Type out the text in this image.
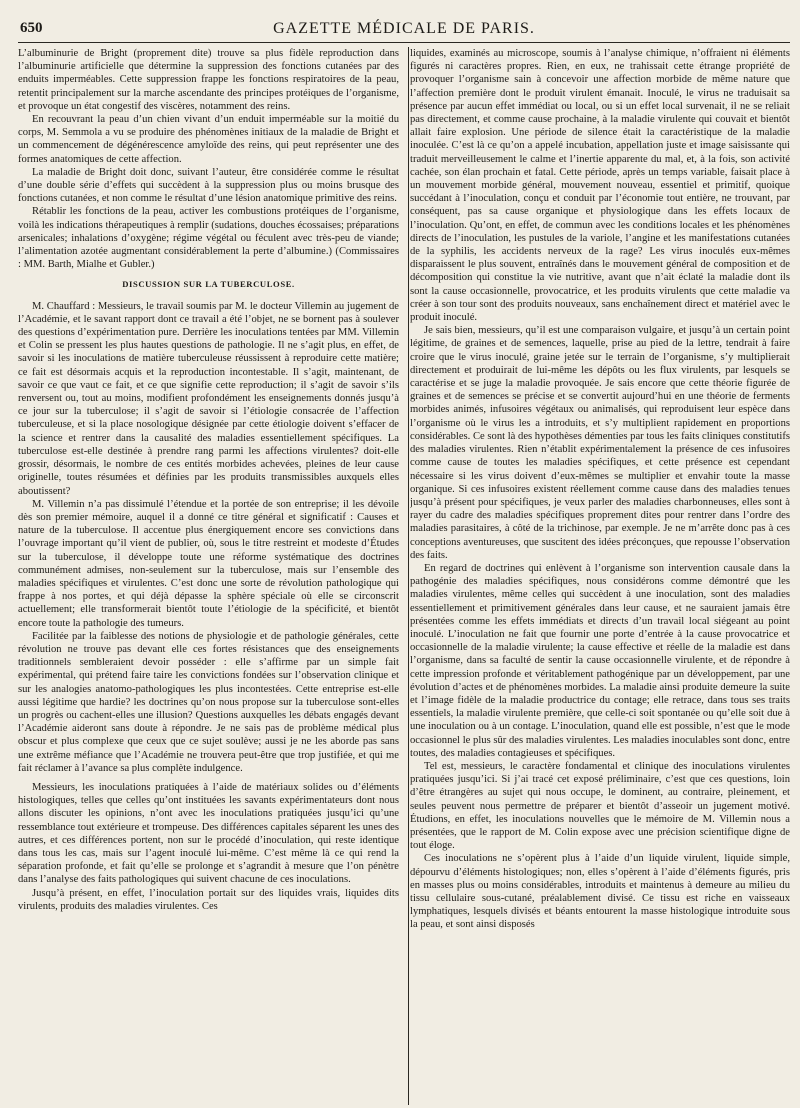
650	GAZETTE MÉDICALE DE PARIS.

L’albuminurie de Bright (proprement dite) trouve sa plus fidèle reproduction dans l’albuminurie artificielle que détermine la suppression des fonctions cutanées par des enduits imperméables. Cette suppression frappe les fonctions respiratoires de la peau, retentit principalement sur la marche ascendante des principes protéiques de l’organisme, et provoque un état congestif des viscères, notamment des reins.

En recouvrant la peau d’un chien vivant d’un enduit imperméable sur la moitié du corps, M. Semmola a vu se produire des phénomènes initiaux de la maladie de Bright et un commencement de dégénérescence amyloïde des reins, qui peut représenter une des formes anatomiques de cette affection.

La maladie de Bright doit donc, suivant l’auteur, être considérée comme le résultat d’une double série d’effets qui succèdent à la suppression plus ou moins brusque des fonctions cutanées, et non comme le résultat d’une lésion anatomique primitive des reins.

Rétablir les fonctions de la peau, activer les combustions protéiques de l’organisme, voilà les indications thérapeutiques à remplir (sudations, douches écossaises; préparations arsenicales; inhalations d’oxygène; régime végétal ou féculent avec très-peu de viande; l’alimentation azotée augmentant considérablement la perte d’albumine.) (Commissaires : MM. Barth, Mialhe et Gubler.)

DISCUSSION SUR LA TUBERCULOSE.

M. Chauffard : Messieurs, le travail soumis par M. le docteur Villemin au jugement de l’Académie, et le savant rapport dont ce travail a été l’objet, ne se bornent pas à soulever des questions d’expérimentation pure. Derrière les inoculations tentées par MM. Villemin et Colin se pressent les plus hautes questions de pathologie. Il ne s’agit plus, en effet, de savoir si les inoculations de matière tuberculeuse réussissent à reproduire cette matière; ce fait est désormais acquis et la reproduction incontestable. Il s’agit, maintenant, de savoir ce que vaut ce fait, et ce que signifie cette reproduction; il s’agit de savoir s’ils renversent ou, tout au moins, modifient profondément les enseignements donnés jusqu’à ce jour sur la tuberculose; il s’agit de savoir si l’étiologie consacrée de l’affection tuberculeuse, et si la place nosologique désignée par cette étiologie doivent s’effacer de la science et rentrer dans la causalité des maladies essentiellement spécifiques. La tuberculose est-elle destinée à prendre rang parmi les affections virulentes? doit-elle grossir, désormais, le nombre de ces entités morbides achevées, pleines de leur cause originelle, toutes résumées et définies par les produits transmissibles auxquels elles aboutissent?

M. Villemin n’a pas dissimulé l’étendue et la portée de son entreprise; il les dévoile dès son premier mémoire, auquel il a donné ce titre général et significatif : Causes et nature de la tuberculose. Il accentue plus énergiquement encore ses convictions dans l’ouvrage important qu’il vient de publier, où, sous le titre restreint et modeste d’Études sur la tuberculose, il développe toute une réforme systématique des doctrines communément admises, non-seulement sur la tuberculose, mais sur l’ensemble des maladies spécifiques et virulentes. C’est donc une sorte de révolution pathologique qui frappe à nos portes, et qui déjà dépasse la sphère spéciale où elle se circonscrit actuellement; elle transformerait bientôt toute l’étiologie de la spécificité, et bientôt encore toute la pathologie des tumeurs.

Facilitée par la faiblesse des notions de physiologie et de pathologie générales, cette révolution ne trouve pas devant elle ces fortes résistances que des enseignements traditionnels sembleraient devoir posséder : elle s’affirme par un simple fait expérimental, qui prétend faire taire les convictions fondées sur l’observation clinique et sur les analogies anatomo-pathologiques les plus incontestées. Cette entreprise est-elle aussi légitime que hardie? les doctrines qu’on nous propose sur la tuberculose sont-elles un progrès ou cachent-elles une illusion? Questions auxquelles les débats engagés devant l’Académie aideront sans doute à répondre. Je ne sais pas de problème médical plus obscur et plus complexe que ceux que ce sujet soulève; aussi je ne les aborde pas sans une extrême méfiance que l’Académie ne trouvera peut-être que trop justifiée, et qui me fait réclamer à l’avance sa plus complète indulgence.

Messieurs, les inoculations pratiquées à l’aide de matériaux solides ou d’éléments histologiques, telles que celles qu’ont instituées les savants expérimentateurs dont nous allons discuter les opinions, n’ont avec les inoculations pratiquées jusqu’ici qu’une ressemblance tout extérieure et trompeuse. Des différences capitales séparent les unes des autres, et ces différences portent, non sur le procédé d’inoculation, qui reste identique dans tous les cas, mais sur l’agent inoculé lui-même. C’est même là ce qui rend la séparation profonde, et fait qu’elle se prolonge et s’agrandit à mesure que l’on pénètre dans l’analyse des faits pathologiques qui suivent chacune de ces inoculations.

Jusqu’à présent, en effet, l’inoculation portait sur des liquides vrais, liquides dits virulents, produits des maladies virulentes. Ces

liquides, examinés au microscope, soumis à l’analyse chimique, n’offraient ni éléments figurés ni caractères propres. Rien, en eux, ne trahissait cette étrange propriété de provoquer l’organisme sain à concevoir une affection morbide de même nature que l’affection première dont le produit virulent émanait. Inoculé, le virus ne traduisait sa présence par aucun effet immédiat ou local, ou si un effet local survenait, il ne se reliait pas directement, et comme cause prochaine, à la maladie virulente qui couvait et bientôt allait faire explosion. Une période de silence était la caractéristique de la maladie inoculée. C’est là ce qu’on a appelé incubation, appellation juste et image saisissante qui traduit merveilleusement le calme et l’inertie apparente du mal, et, à la fois, son activité cachée, son élan prochain et fatal. Cette période, après un temps variable, faisait place à un mouvement morbide général, mouvement nouveau, essentiel et primitif, quoique succédant à l’inoculation, conçu et conduit par l’économie tout entière, ne trouvant, par conséquent, pas sa cause organique et physiologique dans les effets locaux de l’inoculation. Qu’ont, en effet, de commun avec les conditions locales et les phénomènes directs de l’inoculation, les pustules de la variole, l’angine et les manifestations cutanées de la syphilis, les accidents nerveux de la rage? Les virus inoculés eux-mêmes disparaissent le plus souvent, entraînés dans le mouvement général de composition et de décomposition qui constitue la vie nutritive, avant que n’ait éclaté la maladie dont ils sont la cause occasionnelle, provocatrice, et les produits virulents que cette maladie va créer à son tour sont des produits nouveaux, sans enchaînement direct et matériel avec le produit inoculé.

Je sais bien, messieurs, qu’il est une comparaison vulgaire, et jusqu’à un certain point légitime, de graines et de semences, laquelle, prise au pied de la lettre, tendrait à faire croire que le virus inoculé, graine jetée sur le terrain de l’organisme, s’y multiplierait directement et produirait de lui-même les dépôts ou les flux virulents, par lesquels se caractérise et se juge la maladie provoquée. Je sais encore que cette théorie figurée de graines et de semences se précise et se convertit aujourd’hui en une théorie de ferments morbides animés, infusoires végétaux ou animalisés, qui reproduisent leur espèce dans l’organisme où le virus les a introduits, et s’y multiplient rapidement en proportions considérables. Ce sont là des hypothèses démenties par tous les faits cliniques constitutifs des maladies virulentes. Rien n’établit expérimentalement la présence de ces infusoires comme cause de toutes les maladies spécifiques, et cette présence est cependant nécessaire si les virus doivent d’eux-mêmes se multiplier et envahir toute la masse organique. Si ces infusoires existent réellement comme cause dans des maladies tenues jusqu’à présent pour spécifiques, je veux parler des maladies charbonneuses, elles sont à rayer du cadre des maladies spécifiques proprement dites pour rentrer dans l’ordre des maladies parasitaires, à côté de la trichinose, par exemple. Je ne m’arrête donc pas à ces conceptions aventureuses, que suscitent des idées préconçues, que repousse l’observation des faits.

En regard de doctrines qui enlèvent à l’organisme son intervention causale dans la pathogénie des maladies spécifiques, nous considérons comme démontré que les maladies virulentes, même celles qui succèdent à une inoculation, sont des maladies essentiellement et primitivement générales dans leur cause, et ne sauraient jamais être présentées comme les effets immédiats et directs d’un travail local siégeant au point inoculé. L’inoculation ne fait que fournir une porte d’entrée à la cause provocatrice et occasionnelle de la maladie virulente; la cause effective et réelle de la maladie est dans l’organisme, dans sa faculté de sentir la cause occasionnelle virulente, et de répondre à cette impression profonde et véritablement pathogénique par un développement, par une évolution d’actes et de phénomènes morbides. La maladie ainsi produite demeure la suite et l’image fidèle de la maladie productrice du contage; elle retrace, dans tous ses traits essentiels, la maladie virulente première, que celle-ci soit spontanée ou qu’elle soit due à une inoculation ou à un contage. L’inoculation, quand elle est possible, n’est que le mode occasionnel le plus sûr des maladies virulentes. Les maladies inoculables sont donc, entre toutes, des maladies contagieuses et spécifiques.

Tel est, messieurs, le caractère fondamental et clinique des inoculations virulentes pratiquées jusqu’ici. Si j’ai tracé cet exposé préliminaire, c’est que ces questions, loin d’être étrangères au sujet qui nous occupe, le dominent, au contraire, pleinement, et seules peuvent nous permettre de préparer et bientôt d’asseoir un jugement motivé. Étudions, en effet, les inoculations nouvelles que le mémoire de M. Villemin nous a présentées, que le rapport de M. Colin expose avec une précision scientifique digne de tout éloge.

Ces inoculations ne s’opèrent plus à l’aide d’un liquide virulent, liquide simple, dépourvu d’éléments histologiques; non, elles s’opèrent à l’aide d’éléments figurés, pris en masses plus ou moins considérables, introduits et maintenus à demeure au milieu du tissu cellulaire sous-cutané, préalablement divisé. Ce tissu est riche en vaisseaux lymphatiques, lesquels divisés et béants entourent la masse histologique introduite sous la peau, et sont ainsi disposés
